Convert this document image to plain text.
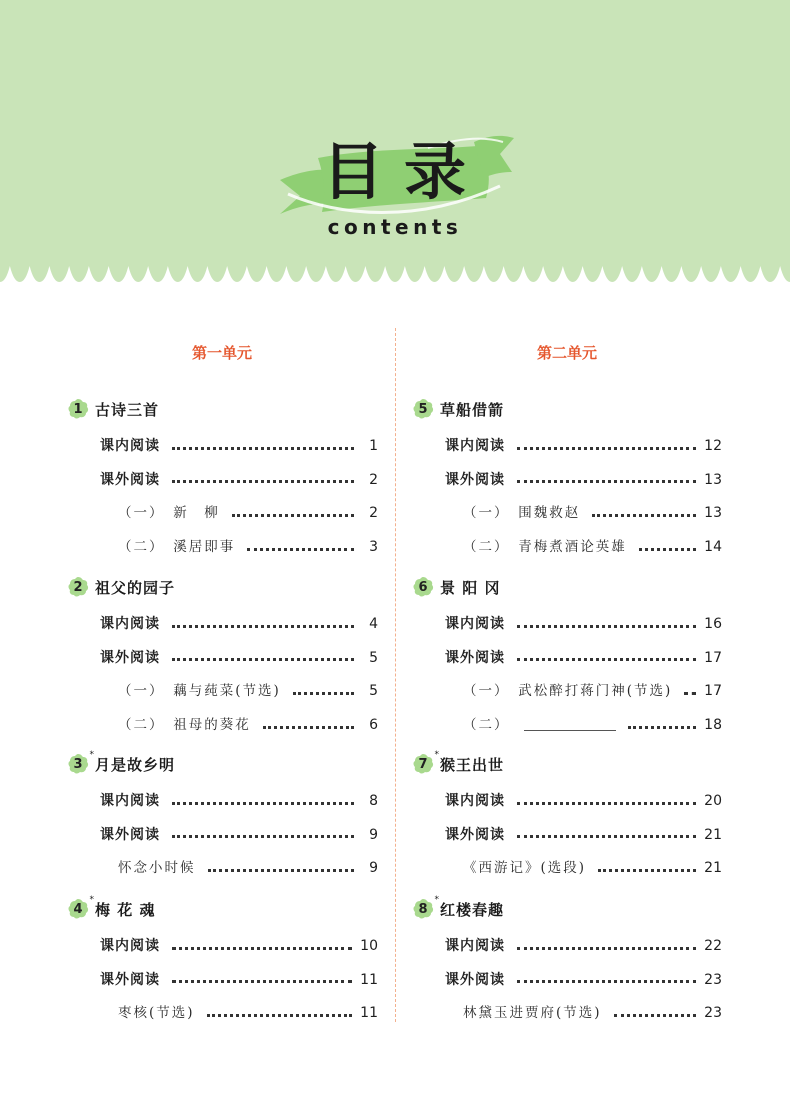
目录
contents
第一单元
1 古诗三首
课内阅读	1
课外阅读	2
（一）　新　柳	2
（二）　溪居即事	3
2 祖父的园子
课内阅读	4
课外阅读	5
（一）　藕与莼菜(节选)	5
（二）　祖母的葵花	6
3
*
月是故乡明
课内阅读	8
课外阅读	9
怀念小时候	9
4
*
梅 花 魂
课内阅读	10
课外阅读	11
枣核(节选)	11
第二单元
5 草船借箭
课内阅读	12
课外阅读	13
（一）　围魏救赵	13
（二）　青梅煮酒论英雄	14
6 景 阳 冈
课内阅读	16
课外阅读	17
（一）　武松醉打蒋门神(节选) 17
（二）	18
7
*
猴王出世
课内阅读	20
课外阅读	21
《西游记》(选段)	21
8
*
红楼春趣
课内阅读	22
课外阅读	23
林黛玉进贾府(节选)	23
